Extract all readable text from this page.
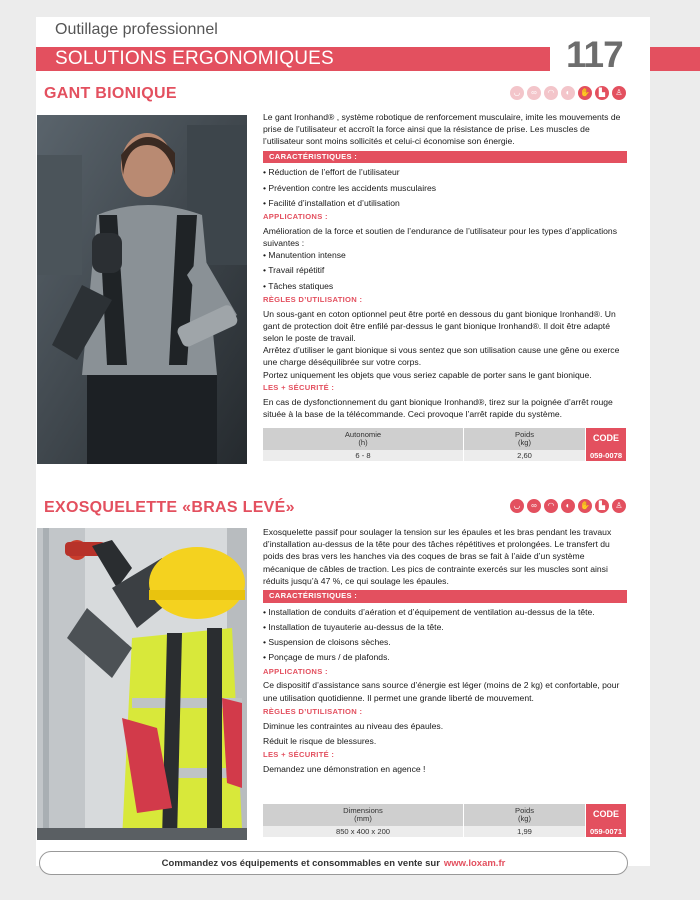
Outillage professionnel
SOLUTIONS ERGONOMIQUES	117
GANT BIONIQUE	◡	∞	◠	◐	✋	▙	♙

Le gant Ironhand® , système robotique de renforcement musculaire, imite les mouvements de prise de l’utilisateur et accroît la force ainsi que la résistance de prise. Les muscles de l’utilisateur sont moins sollicités et celui-ci économise son énergie.

CARACTÉRISTIQUES :
• Réduction de l’effort de l’utilisateur
• Prévention contre les accidents musculaires
• Facilité d’installation et d’utilisation
APPLICATIONS :

Amélioration de la force et soutien de l’endurance de l’utilisateur pour les types d’applications suivantes :

• Manutention intense
• Travail répétitif
• Tâches statiques
RÈGLES D’UTILISATION :

Un sous-gant en coton optionnel peut être porté en dessous du gant bionique Ironhand®. Un gant de protection doit être enfilé par-dessus le gant bionique Ironhand®. Il doit être adapté selon le poste de travail.

Arrêtez d’utiliser le gant bionique si vous sentez que son utilisation cause une gêne ou exerce une charge déséquilibrée sur votre corps.

Portez uniquement les objets que vous seriez capable de porter sans le gant bionique.

LES + SÉCURITÉ :

En cas de dysfonctionnement du gant bionique Ironhand®, tirez sur la poignée d’arrêt rouge située à la base de la télécommande. Ceci provoque l’arrêt rapide du système.

Autonomie
(h)	Poids
(kg)	CODE
6 - 8	2,60	059-0078
EXOSQUELETTE «BRAS LEVÉ»	◡	∞	◠	◐	✋	▙	♙

Exosquelette passif pour soulager la tension sur les épaules et les bras pendant les travaux d’installation au-dessus de la tête pour des tâches répétitives et prolongées. Le transfert du poids des bras vers les hanches via des coques de bras se fait à l’aide d’un système mécanique de câbles de traction. Les pics de contrainte exercés sur les muscles sont ainsi réduits jusqu’à 47 %, ce qui soulage les épaules.

CARACTÉRISTIQUES :
• Installation de conduits d’aération et d’équipement de ventilation au-dessus de la tête.
• Installation de tuyauterie au-dessus de la tête.
• Suspension de cloisons sèches.
• Ponçage de murs / de plafonds.
APPLICATIONS :

Ce dispositif d’assistance sans source d’énergie est léger (moins de 2 kg) et confortable, pour une utilisation quotidienne. Il permet une grande liberté de mouvement.

RÈGLES D’UTILISATION :

Diminue les contraintes au niveau des épaules.

Réduit le risque de blessures.

LES + SÉCURITÉ :

Demandez une démonstration en agence !

Dimensions
(mm)	Poids
(kg)	CODE
850 x 400 x 200	1,99	059-0071
Commandez vos équipements et consommables en vente sur www.loxam.fr
